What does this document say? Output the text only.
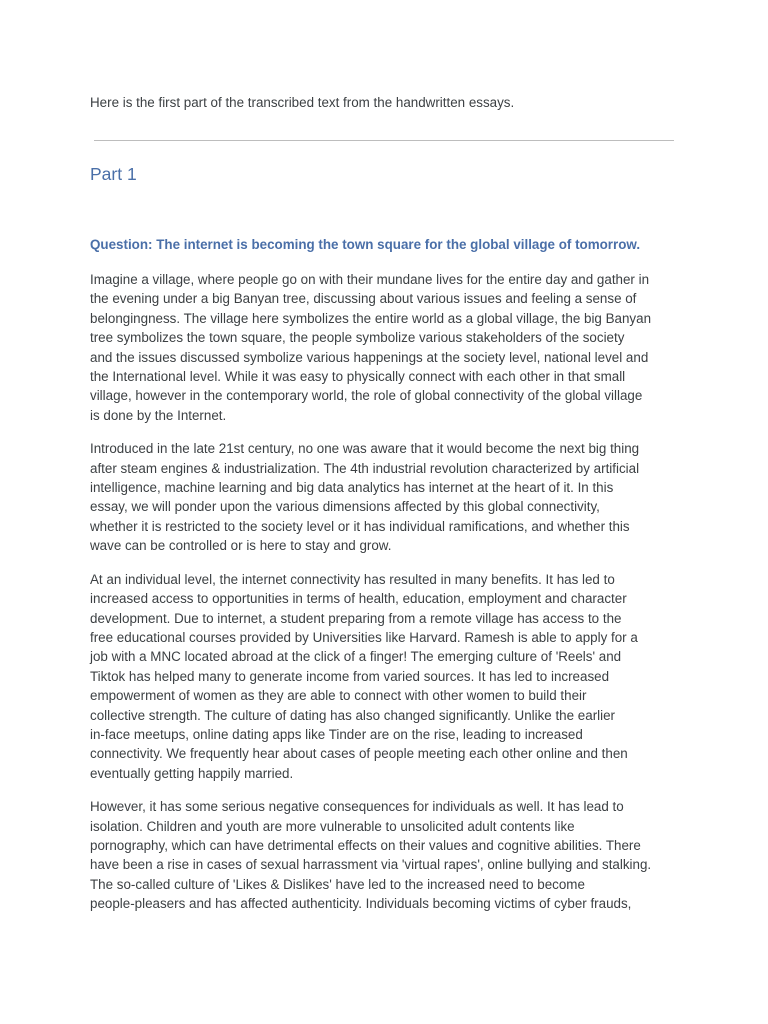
Here is the first part of the transcribed text from the handwritten essays.
Part 1

Question: The internet is becoming the town square for the global village of tomorrow.

Imagine a village, where people go on with their mundane lives for the entire day and gather in
the evening under a big Banyan tree, discussing about various issues and feeling a sense of
belongingness. The village here symbolizes the entire world as a global village, the big Banyan
tree symbolizes the town square, the people symbolize various stakeholders of the society
and the issues discussed symbolize various happenings at the society level, national level and
the International level. While it was easy to physically connect with each other in that small
village, however in the contemporary world, the role of global connectivity of the global village
is done by the Internet.

Introduced in the late 21st century, no one was aware that it would become the next big thing
after steam engines & industrialization. The 4th industrial revolution characterized by artificial
intelligence, machine learning and big data analytics has internet at the heart of it. In this
essay, we will ponder upon the various dimensions affected by this global connectivity,
whether it is restricted to the society level or it has individual ramifications, and whether this
wave can be controlled or is here to stay and grow.

At an individual level, the internet connectivity has resulted in many benefits. It has led to
increased access to opportunities in terms of health, education, employment and character
development. Due to internet, a student preparing from a remote village has access to the
free educational courses provided by Universities like Harvard. Ramesh is able to apply for a
job with a MNC located abroad at the click of a finger! The emerging culture of 'Reels' and
Tiktok has helped many to generate income from varied sources. It has led to increased
empowerment of women as they are able to connect with other women to build their
collective strength. The culture of dating has also changed significantly. Unlike the earlier
in-face meetups, online dating apps like Tinder are on the rise, leading to increased
connectivity. We frequently hear about cases of people meeting each other online and then
eventually getting happily married.

However, it has some serious negative consequences for individuals as well. It has lead to
isolation. Children and youth are more vulnerable to unsolicited adult contents like
pornography, which can have detrimental effects on their values and cognitive abilities. There
have been a rise in cases of sexual harrassment via 'virtual rapes', online bullying and stalking.
The so-called culture of 'Likes & Dislikes' have led to the increased need to become
people-pleasers and has affected authenticity. Individuals becoming victims of cyber frauds,
